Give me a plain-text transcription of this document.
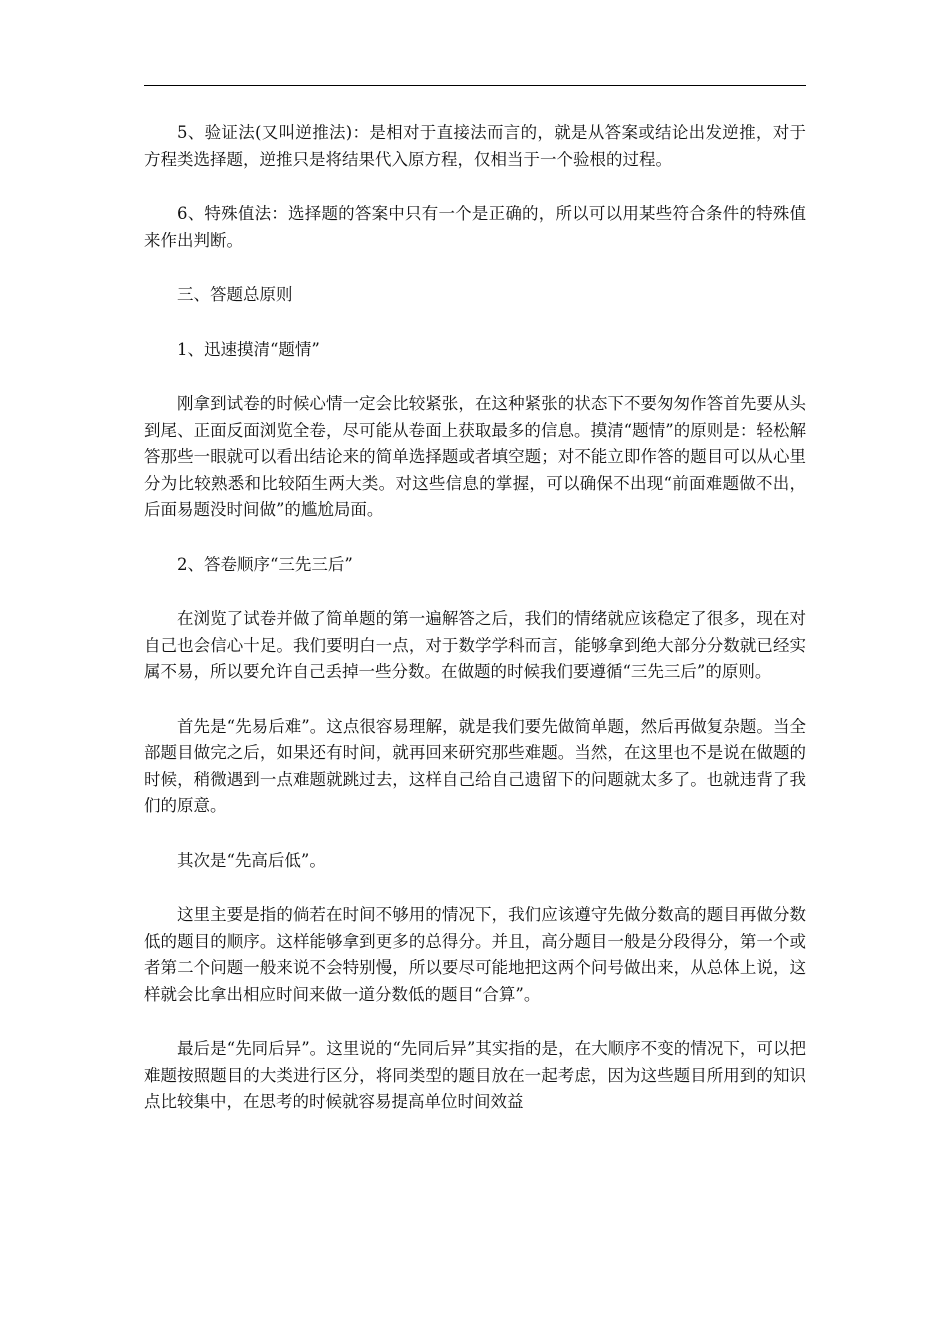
5、验证法(又叫逆推法)：是相对于直接法而言的，就是从答案或结论出发逆推，对于方程类选择题，逆推只是将结果代入原方程，仅相当于一个验根的过程。

6、特殊值法：选择题的答案中只有一个是正确的，所以可以用某些符合条件的特殊值来作出判断。

三、答题总原则

1、迅速摸清“题情”

刚拿到试卷的时候心情一定会比较紧张，在这种紧张的状态下不要匆匆作答首先要从头到尾、正面反面浏览全卷，尽可能从卷面上获取最多的信息。摸清“题情”的原则是：轻松解答那些一眼就可以看出结论来的简单选择题或者填空题；对不能立即作答的题目可以从心里分为比较熟悉和比较陌生两大类。对这些信息的掌握，可以确保不出现“前面难题做不出，后面易题没时间做”的尴尬局面。

2、答卷顺序“三先三后”

在浏览了试卷并做了简单题的第一遍解答之后，我们的情绪就应该稳定了很多，现在对自己也会信心十足。我们要明白一点，对于数学学科而言，能够拿到绝大部分分数就已经实属不易，所以要允许自己丢掉一些分数。在做题的时候我们要遵循“三先三后”的原则。

首先是“先易后难”。这点很容易理解，就是我们要先做简单题，然后再做复杂题。当全部题目做完之后，如果还有时间，就再回来研究那些难题。当然，在这里也不是说在做题的时候，稍微遇到一点难题就跳过去，这样自己给自己遗留下的问题就太多了。也就违背了我们的原意。

其次是“先高后低”。

这里主要是指的倘若在时间不够用的情况下，我们应该遵守先做分数高的题目再做分数低的题目的顺序。这样能够拿到更多的总得分。并且，高分题目一般是分段得分，第一个或者第二个问题一般来说不会特别慢，所以要尽可能地把这两个问号做出来，从总体上说，这样就会比拿出相应时间来做一道分数低的题目“合算”。

最后是“先同后异”。这里说的“先同后异”其实指的是，在大顺序不变的情况下，可以把难题按照题目的大类进行区分，将同类型的题目放在一起考虑，因为这些题目所用到的知识点比较集中，在思考的时候就容易提高单位时间效益
